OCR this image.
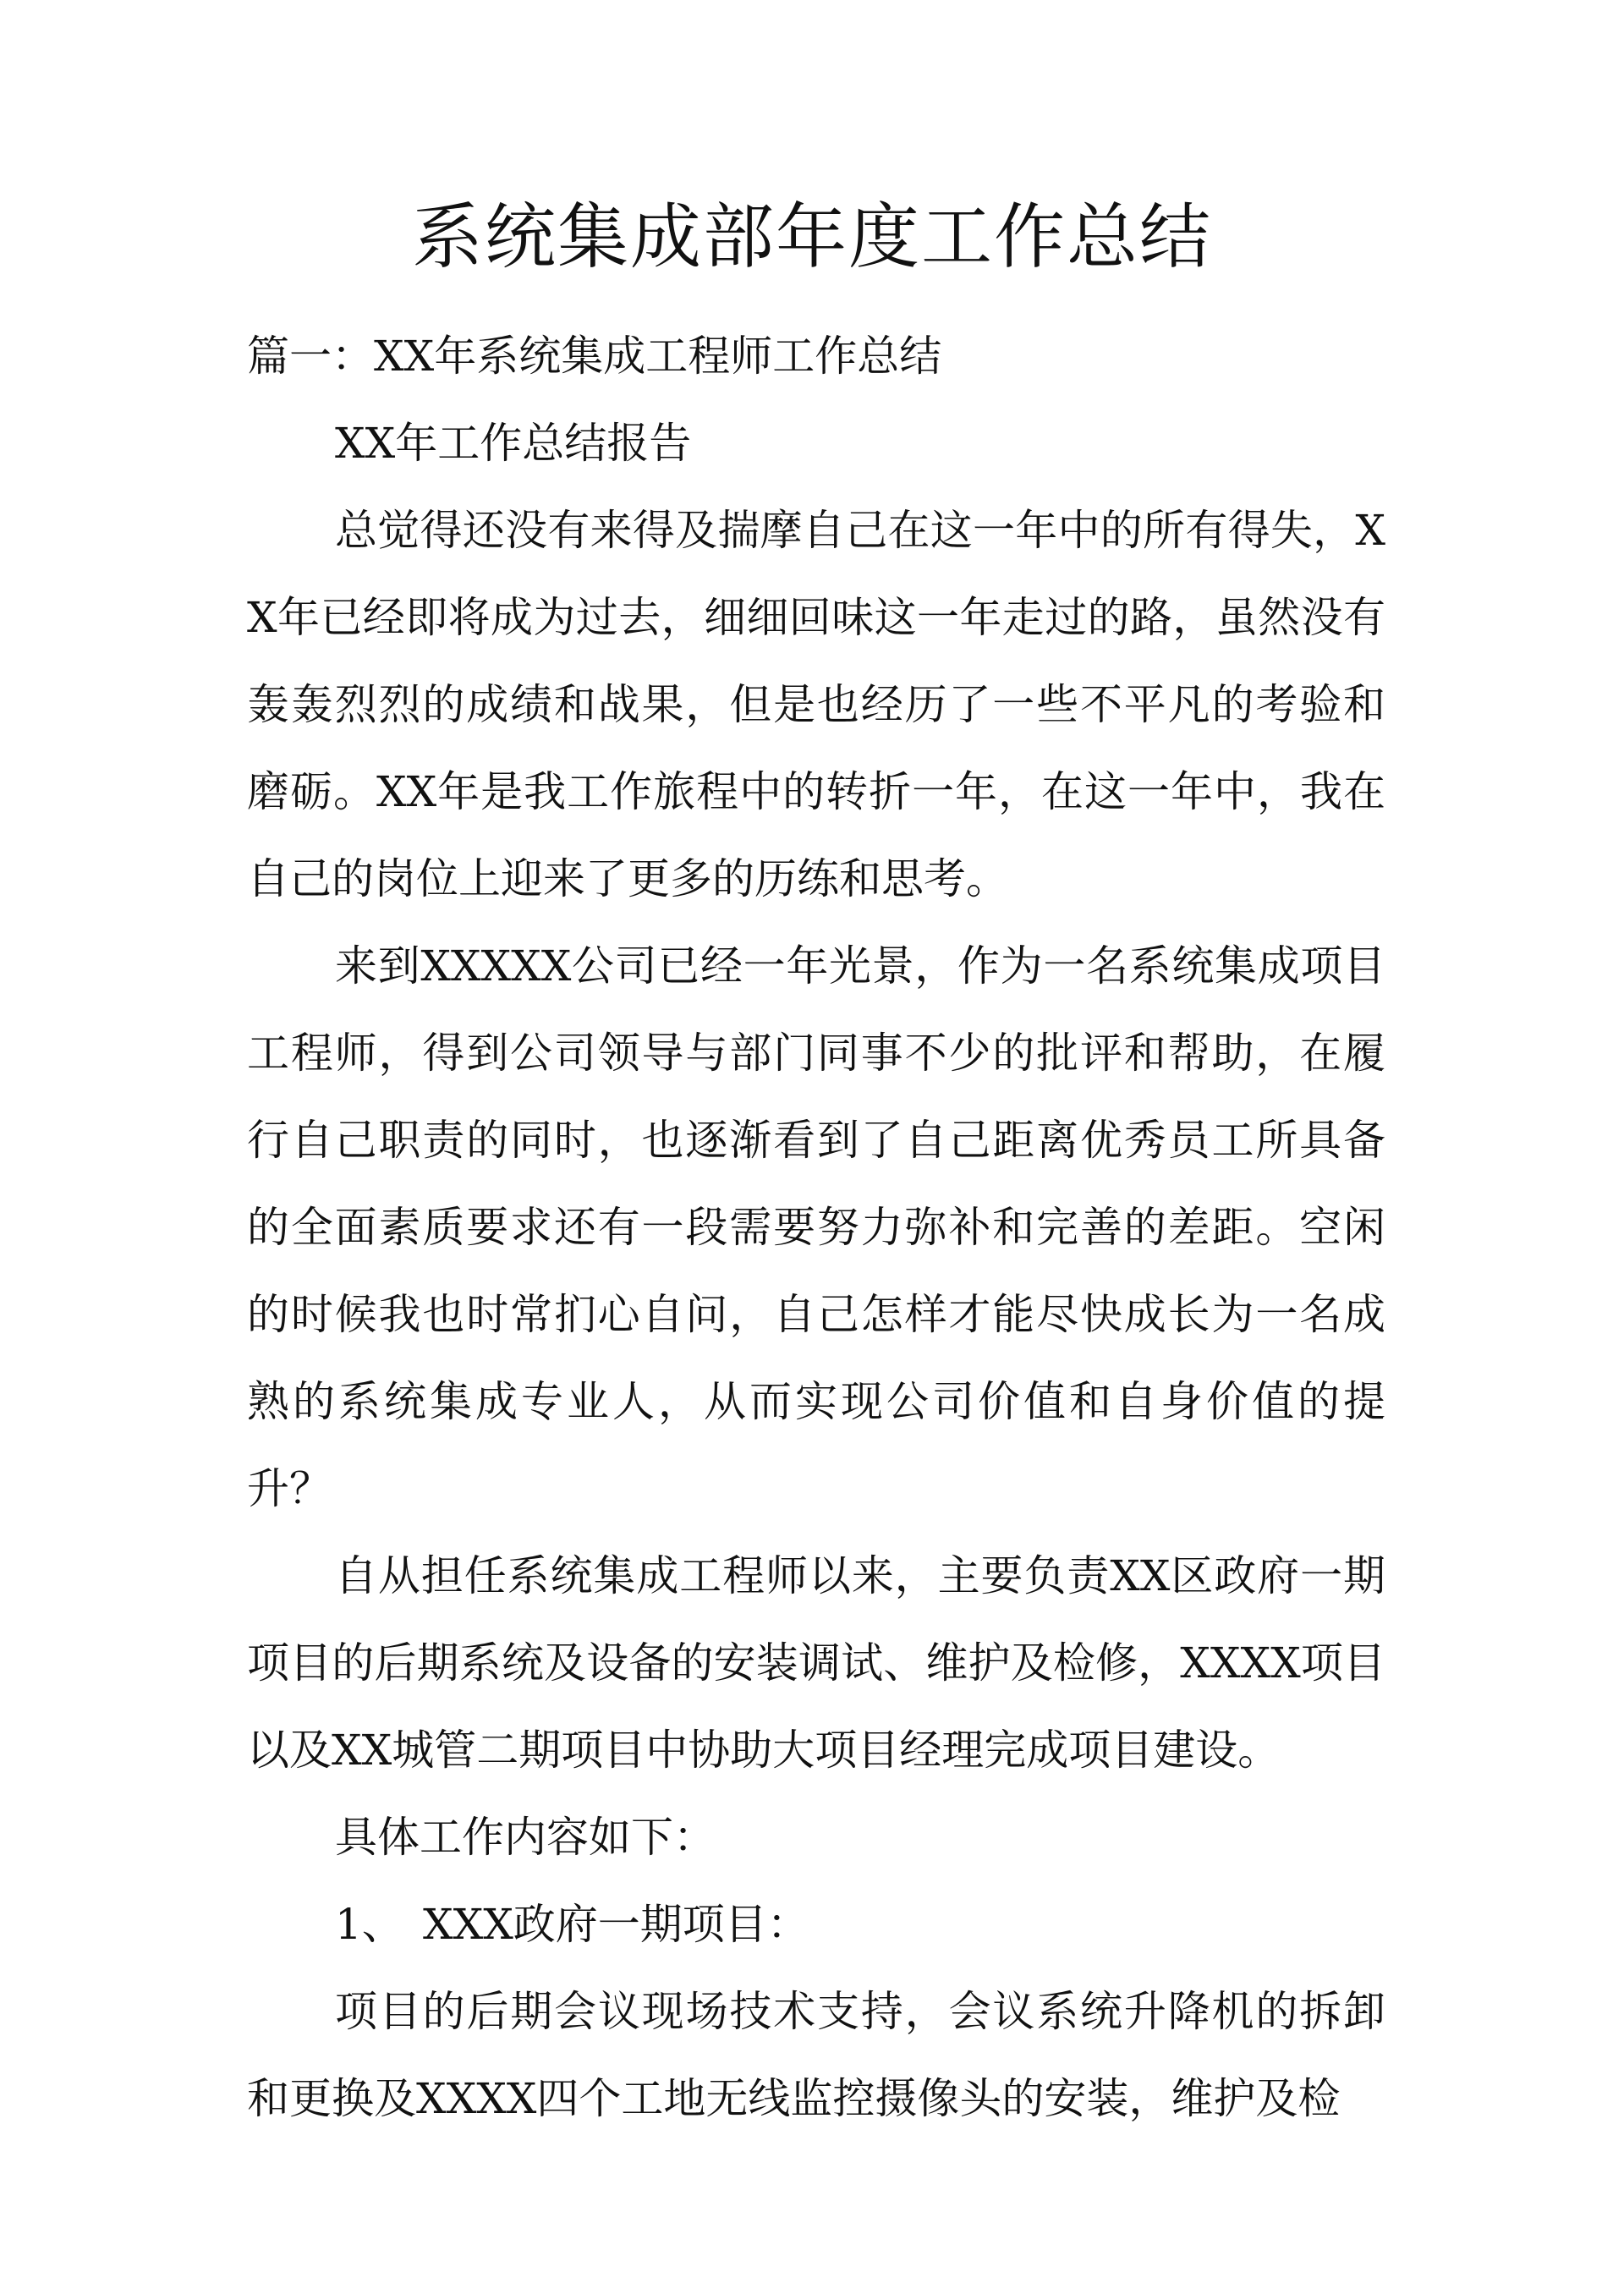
系统集成部年度工作总结

篇一：XX年系统集成工程师工作总结

XX年工作总结报告

总觉得还没有来得及揣摩自己在这一年中的所有得失，XX年已经即将成为过去，细细回味这一年走过的路，虽然没有轰轰烈烈的成绩和战果，但是也经历了一些不平凡的考验和磨砺。XX年是我工作旅程中的转折一年，在这一年中，我在自己的岗位上迎来了更多的历练和思考。

来到XXXXX公司已经一年光景，作为一名系统集成项目工程师，得到公司领导与部门同事不少的批评和帮助，在履行自己职责的同时，也逐渐看到了自己距离优秀员工所具备的全面素质要求还有一段需要努力弥补和完善的差距。空闲的时候我也时常扪心自问，自己怎样才能尽快成长为一名成熟的系统集成专业人，从而实现公司价值和自身价值的提升？

自从担任系统集成工程师以来，主要负责XX区政府一期项目的后期系统及设备的安装调试、维护及检修，XXXX项目以及XX城管二期项目中协助大项目经理完成项目建设。

具体工作内容如下：

1、 XXX政府一期项目：

项目的后期会议现场技术支持，会议系统升降机的拆卸和更换及XXXX四个工地无线监控摄像头的安装，维护及检
